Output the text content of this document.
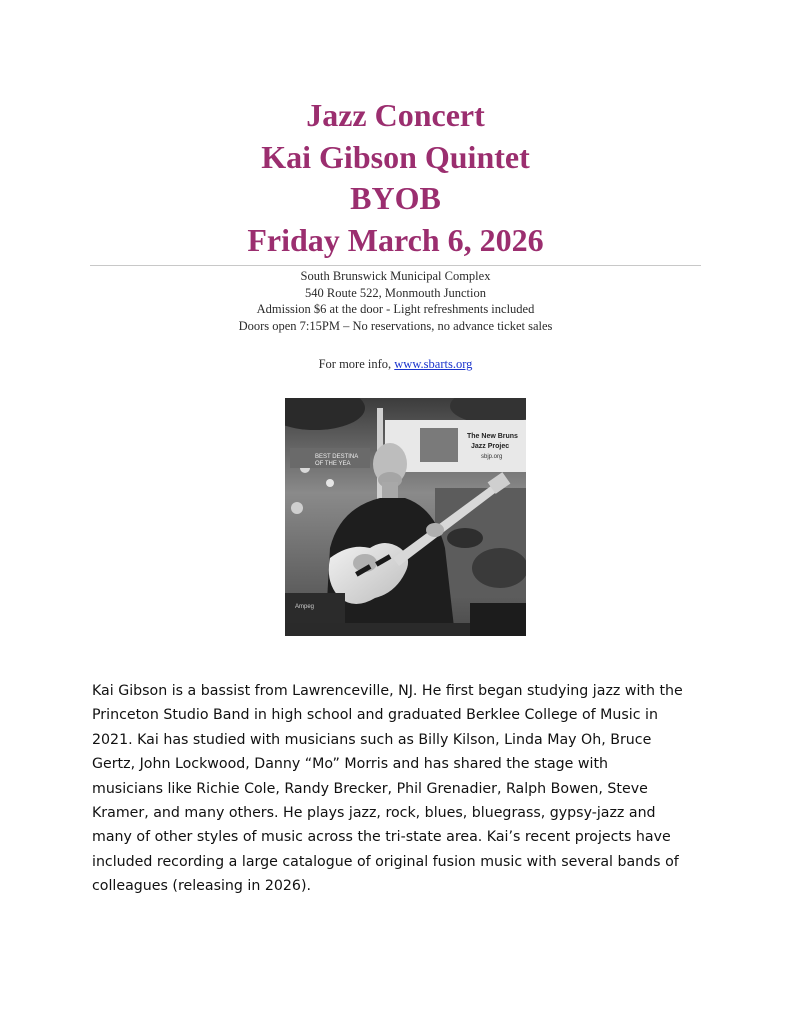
Jazz Concert
Kai Gibson Quintet
BYOB
Friday March 6, 2026
South Brunswick Municipal Complex
540 Route 522, Monmouth Junction
Admission $6 at the door - Light refreshments included
Doors open 7:15PM – No reservations, no advance ticket sales
For more info, www.sbarts.org
BEST DESTINA
OF THE YEA
The New Bruns
Jazz Projec
sbjp.org
Ampeg
Kai Gibson is a bassist from Lawrenceville, NJ. He first began studying jazz with the
Princeton Studio Band in high school and graduated Berklee College of Music in
2021. Kai has studied with musicians such as Billy Kilson, Linda May Oh, Bruce
Gertz, John Lockwood, Danny “Mo” Morris and has shared the stage with
musicians like Richie Cole, Randy Brecker, Phil Grenadier, Ralph Bowen, Steve
Kramer, and many others. He plays jazz, rock, blues, bluegrass, gypsy-jazz and
many of other styles of music across the tri-state area. Kai’s recent projects have
included recording a large catalogue of original fusion music with several bands of
colleagues (releasing in 2026).
